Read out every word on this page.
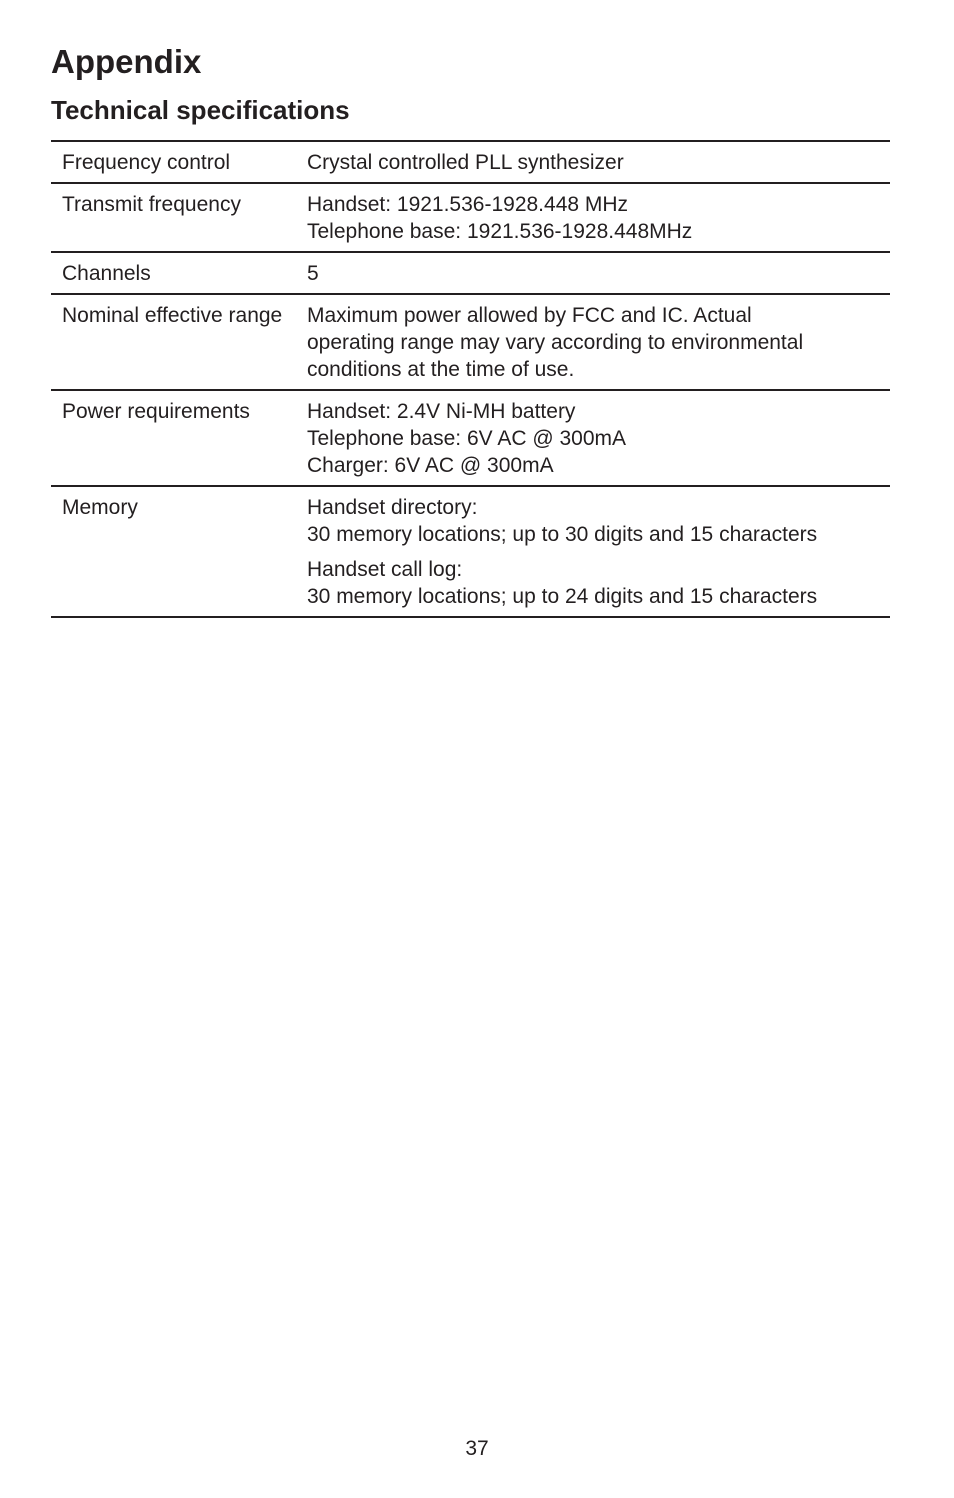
Appendix
Technical specifications
Frequency control	Crystal controlled PLL synthesizer

Transmit frequency	Handset: 1921.536-1928.448 MHz
Telephone base: 1921.536-1928.448MHz

Channels	5

Nominal effective range	Maximum power allowed by FCC and IC. Actual
operating range may vary according to environmental
conditions at the time of use.

Power requirements	Handset: 2.4V Ni-MH battery
Telephone base: 6V AC @ 300mA
Charger: 6V AC @ 300mA

Memory	Handset directory:
30 memory locations; up to 30 digits and 15 characters
Handset call log:
30 memory locations; up to 24 digits and 15 characters
37
